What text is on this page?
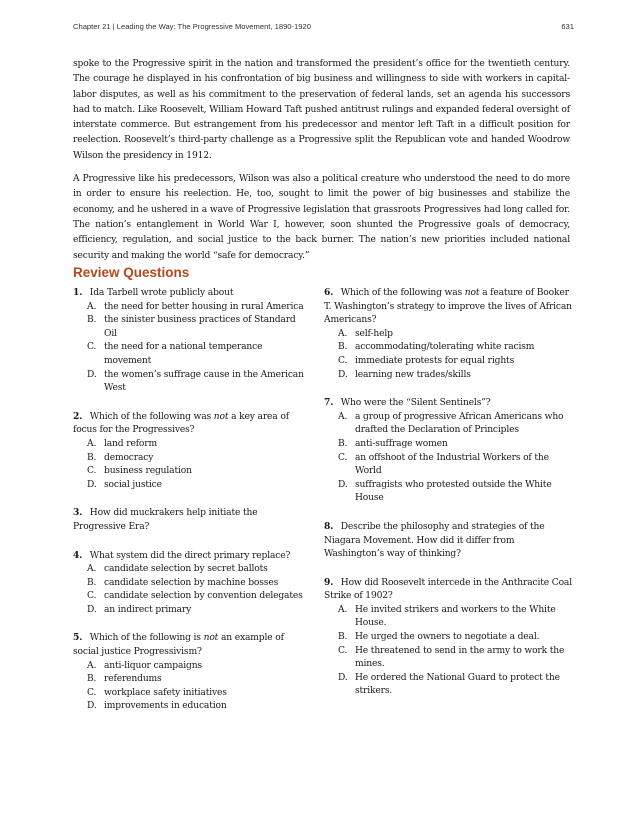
Chapter 21 | Leading the Way: The Progressive Movement, 1890-1920	631

spoke to the Progressive spirit in the nation and transformed the president’s office for the twentieth century. The courage he displayed in his confrontation of big business and willingness to side with workers in capital-labor disputes, as well as his commitment to the preservation of federal lands, set an agenda his successors had to match. Like Roosevelt, William Howard Taft pushed antitrust rulings and expanded federal oversight of interstate commerce. But estrangement from his predecessor and mentor left Taft in a difficult position for reelection. Roosevelt’s third-party challenge as a Progressive split the Republican vote and handed Woodrow Wilson the presidency in 1912.

A Progressive like his predecessors, Wilson was also a political creature who understood the need to do more in order to ensure his reelection. He, too, sought to limit the power of big businesses and stabilize the economy, and he ushered in a wave of Progressive legislation that grassroots Progressives had long called for. The nation’s entanglement in World War I, however, soon shunted the Progressive goals of democracy, efficiency, regulation, and social justice to the back burner. The nation’s new priorities included national security and making the world “safe for democracy.”

Review Questions
1. Ida Tarbell wrote publicly about
A. the need for better housing in rural America
B. the sinister business practices of Standard Oil
C. the need for a national temperance movement
D. the women’s suffrage cause in the American West
2. Which of the following was not a key area of focus for the Progressives?
A. land reform
B. democracy
C. business regulation
D. social justice
3. How did muckrakers help initiate the Progressive Era?
4. What system did the direct primary replace?
A. candidate selection by secret ballots
B. candidate selection by machine bosses
C. candidate selection by convention delegates
D. an indirect primary
5. Which of the following is not an example of social justice Progressivism?
A. anti-liquor campaigns
B. referendums
C. workplace safety initiatives
D. improvements in education
6. Which of the following was not a feature of Booker T. Washington’s strategy to improve the lives of African Americans?
A. self-help
B. accommodating/tolerating white racism
C. immediate protests for equal rights
D. learning new trades/skills
7. Who were the “Silent Sentinels”?
A. a group of progressive African Americans who drafted the Declaration of Principles
B. anti-suffrage women
C. an offshoot of the Industrial Workers of the World
D. suffragists who protested outside the White House
8. Describe the philosophy and strategies of the Niagara Movement. How did it differ from Washington’s way of thinking?
9. How did Roosevelt intercede in the Anthracite Coal Strike of 1902?
A. He invited strikers and workers to the White House.
B. He urged the owners to negotiate a deal.
C. He threatened to send in the army to work the mines.
D. He ordered the National Guard to protect the strikers.
